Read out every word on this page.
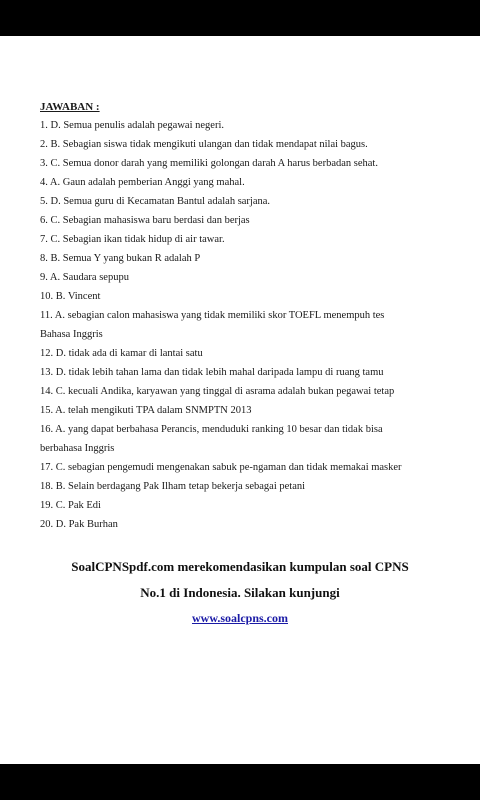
JAWABAN :
1. D. Semua penulis adalah pegawai negeri.
2. B. Sebagian siswa tidak mengikuti ulangan dan tidak mendapat nilai bagus.
3. C. Semua donor darah yang memiliki golongan darah A harus berbadan sehat.
4. A. Gaun adalah pemberian Anggi yang mahal.
5. D. Semua guru di Kecamatan Bantul adalah sarjana.
6. C. Sebagian mahasiswa baru berdasi dan berjas
7. C. Sebagian ikan tidak hidup di air tawar.
8. B. Semua Y yang bukan R adalah P
9. A. Saudara sepupu
10. B. Vincent
11. A. sebagian calon mahasiswa yang tidak memiliki skor TOEFL menempuh tes
Bahasa Inggris
12. D. tidak ada di kamar di lantai satu
13. D. tidak lebih tahan lama dan tidak lebih mahal daripada lampu di ruang tamu
14. C. kecuali Andika, karyawan yang tinggal di asrama adalah bukan pegawai tetap
15. A. telah mengikuti TPA dalam SNMPTN 2013
16. A. yang dapat berbahasa Perancis, menduduki ranking 10 besar dan tidak bisa
berbahasa Inggris
17. C. sebagian pengemudi mengenakan sabuk pe-ngaman dan tidak memakai masker
18. B. Selain berdagang Pak Ilham tetap bekerja sebagai petani
19. C. Pak Edi
20. D. Pak Burhan
SoalCPNSpdf.com merekomendasikan kumpulan soal CPNS
No.1 di Indonesia. Silakan kunjungi
www.soalcpns.com
